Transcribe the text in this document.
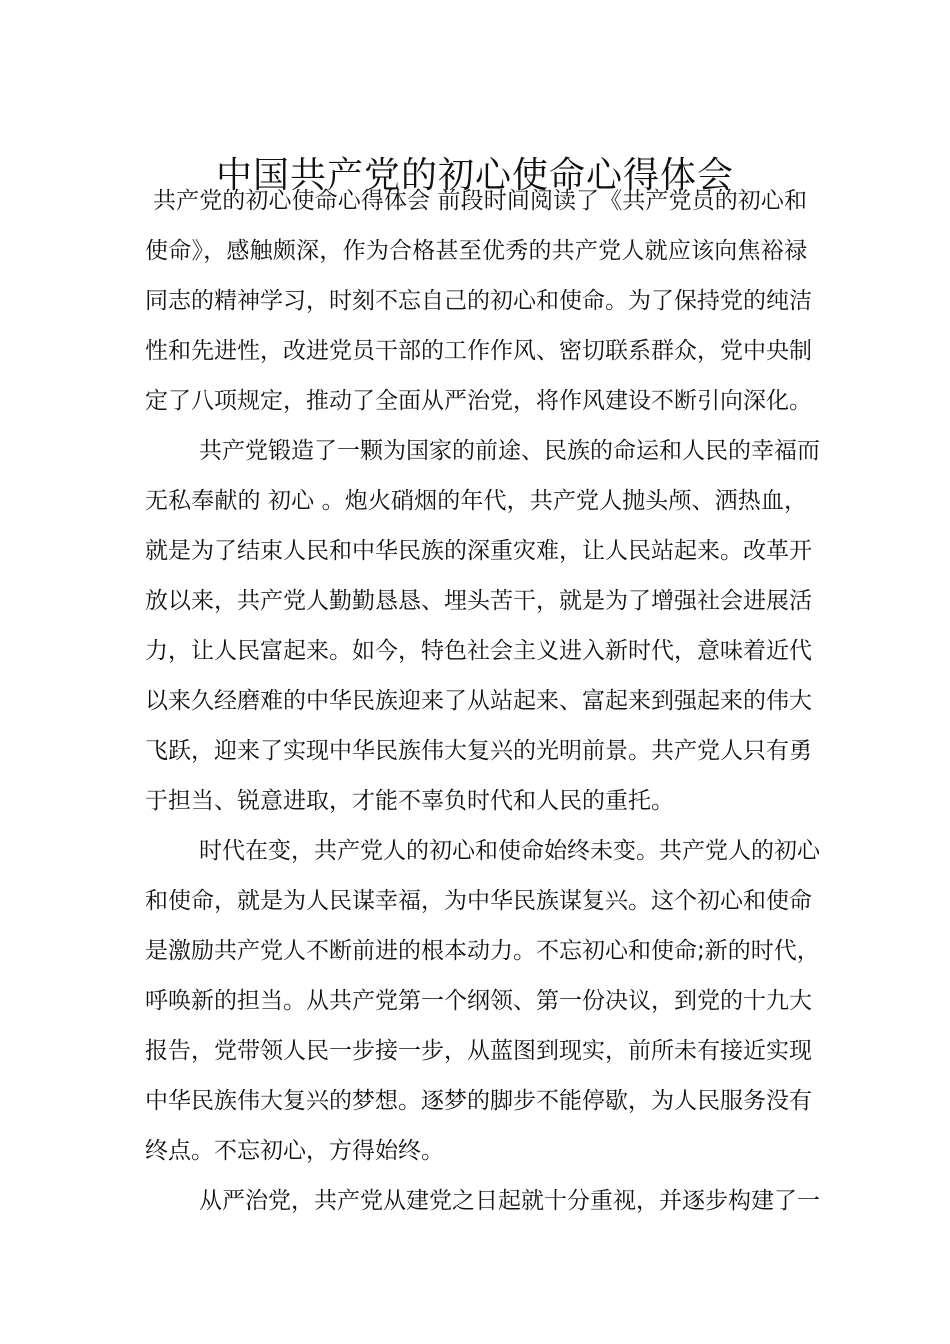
中国共产党的初心使命心得体会
共产党的初心使命心得体会 前段时间阅读了《共产党员的初心和
使命》，感触颇深，作为合格甚至优秀的共产党人就应该向焦裕禄
同志的精神学习，时刻不忘自己的初心和使命。为了保持党的纯洁
性和先进性，改进党员干部的工作作风、密切联系群众，党中央制
定了八项规定，推动了全面从严治党，将作风建设不断引向深化。
共产党锻造了一颗为国家的前途、民族的命运和人民的幸福而
无私奉献的 初心 。炮火硝烟的年代，共产党人抛头颅、洒热血，
就是为了结束人民和中华民族的深重灾难，让人民站起来。改革开
放以来，共产党人勤勤恳恳、埋头苦干，就是为了增强社会进展活
力，让人民富起来。如今，特色社会主义进入新时代，意味着近代
以来久经磨难的中华民族迎来了从站起来、富起来到强起来的伟大
飞跃，迎来了实现中华民族伟大复兴的光明前景。共产党人只有勇
于担当、锐意进取，才能不辜负时代和人民的重托。
时代在变，共产党人的初心和使命始终未变。共产党人的初心
和使命，就是为人民谋幸福，为中华民族谋复兴。这个初心和使命
是激励共产党人不断前进的根本动力。不忘初心和使命;新的时代，
呼唤新的担当。从共产党第一个纲领、第一份决议，到党的十九大
报告，党带领人民一步接一步，从蓝图到现实，前所未有接近实现
中华民族伟大复兴的梦想。逐梦的脚步不能停歇，为人民服务没有
终点。不忘初心，方得始终。
从严治党，共产党从建党之日起就十分重视，并逐步构建了一
